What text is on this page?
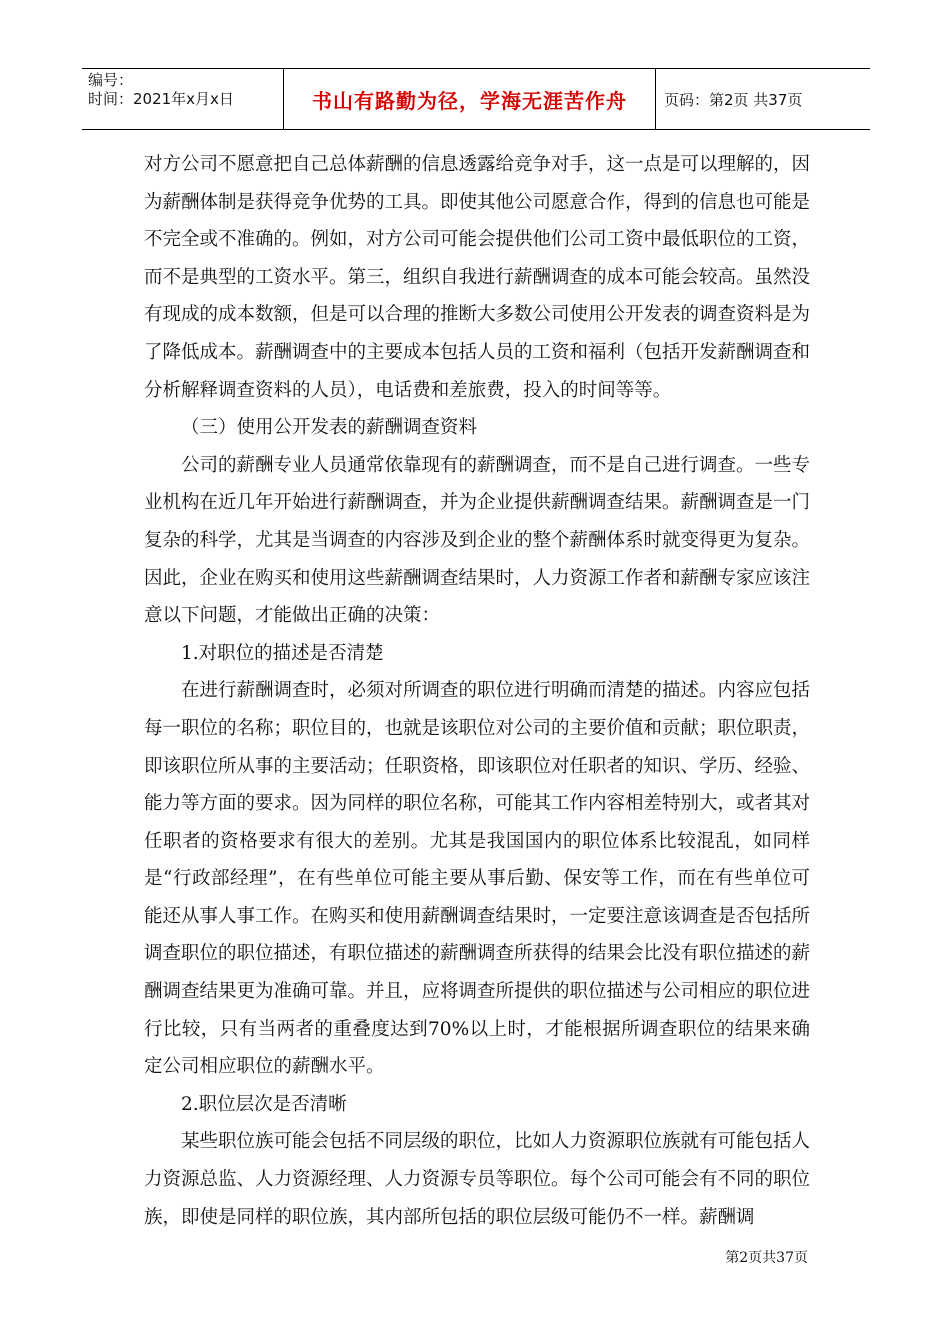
编号：
时间：2021年x月x日	书山有路勤为径，学海无涯苦作舟	页码：第2页 共37页

对方公司不愿意把自己总体薪酬的信息透露给竞争对手，这一点是可以理解的，因为薪酬体制是获得竞争优势的工具。即使其他公司愿意合作，得到的信息也可能是不完全或不准确的。例如，对方公司可能会提供他们公司工资中最低职位的工资，而不是典型的工资水平。第三，组织自我进行薪酬调查的成本可能会较高。虽然没有现成的成本数额，但是可以合理的推断大多数公司使用公开发表的调查资料是为了降低成本。薪酬调查中的主要成本包括人员的工资和福利（包括开发薪酬调查和分析解释调查资料的人员），电话费和差旅费，投入的时间等等。

（三）使用公开发表的薪酬调查资料

公司的薪酬专业人员通常依靠现有的薪酬调查，而不是自己进行调查。一些专业机构在近几年开始进行薪酬调查，并为企业提供薪酬调查结果。薪酬调查是一门复杂的科学，尤其是当调查的内容涉及到企业的整个薪酬体系时就变得更为复杂。因此，企业在购买和使用这些薪酬调查结果时，人力资源工作者和薪酬专家应该注意以下问题，才能做出正确的决策：

1.对职位的描述是否清楚

在进行薪酬调查时，必须对所调查的职位进行明确而清楚的描述。内容应包括每一职位的名称；职位目的，也就是该职位对公司的主要价值和贡献；职位职责，即该职位所从事的主要活动；任职资格，即该职位对任职者的知识、学历、经验、能力等方面的要求。因为同样的职位名称，可能其工作内容相差特别大，或者其对任职者的资格要求有很大的差别。尤其是我国国内的职位体系比较混乱，如同样是“行政部经理”，在有些单位可能主要从事后勤、保安等工作，而在有些单位可能还从事人事工作。在购买和使用薪酬调查结果时，一定要注意该调查是否包括所调查职位的职位描述，有职位描述的薪酬调查所获得的结果会比没有职位描述的薪酬调查结果更为准确可靠。并且，应将调查所提供的职位描述与公司相应的职位进行比较，只有当两者的重叠度达到70%以上时，才能根据所调查职位的结果来确定公司相应职位的薪酬水平。

2.职位层次是否清晰

某些职位族可能会包括不同层级的职位，比如人力资源职位族就有可能包括人力资源总监、人力资源经理、人力资源专员等职位。每个公司可能会有不同的职位族，即使是同样的职位族，其内部所包括的职位层级可能仍不一样。薪酬调

第2页共37页
